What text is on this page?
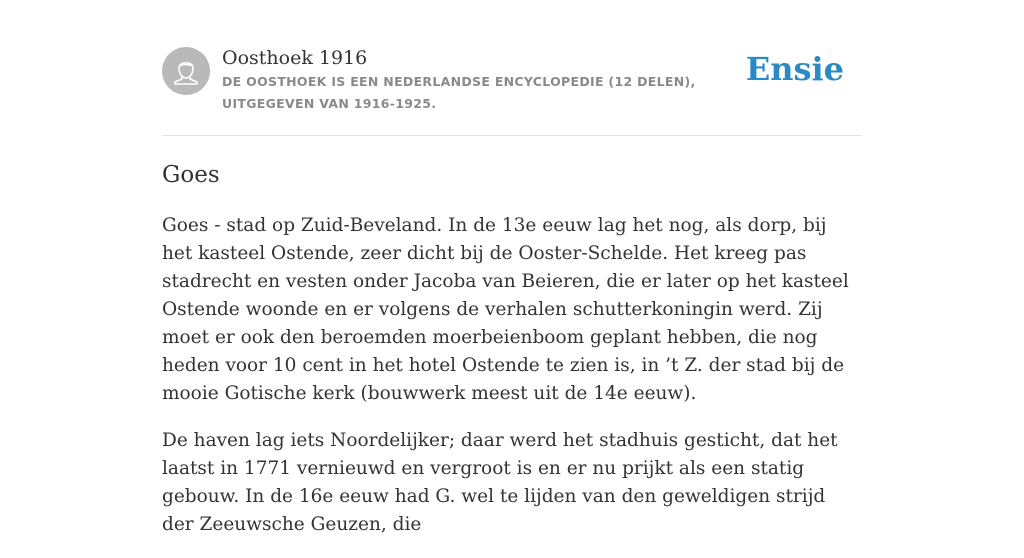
Oosthoek 1916
DE OOSTHOEK IS EEN NEDERLANDSE ENCYCLOPEDIE (12 DELEN), UITGEGEVEN VAN 1916-1925.
Ensie
Goes

Goes - stad op Zuid-Beveland. In de 13e eeuw lag het nog, als dorp, bij het kasteel Ostende, zeer dicht bij de Ooster-Schelde. Het kreeg pas stadrecht en vesten onder Jacoba van Beieren, die er later op het kasteel Ostende woonde en er volgens de verhalen schutterkoningin werd. Zij moet er ook den beroemden moerbeienboom geplant hebben, die nog heden voor 10 cent in het hotel Ostende te zien is, in ’t Z. der stad bij de mooie Gotische kerk (bouwwerk meest uit de 14e eeuw).

De haven lag iets Noordelijker; daar werd het stadhuis gesticht, dat het laatst in 1771 vernieuwd en vergroot is en er nu prijkt als een statig gebouw. In de 16e eeuw had G. wel te lijden van den geweldigen strijd der Zeeuwsche Geuzen, die
